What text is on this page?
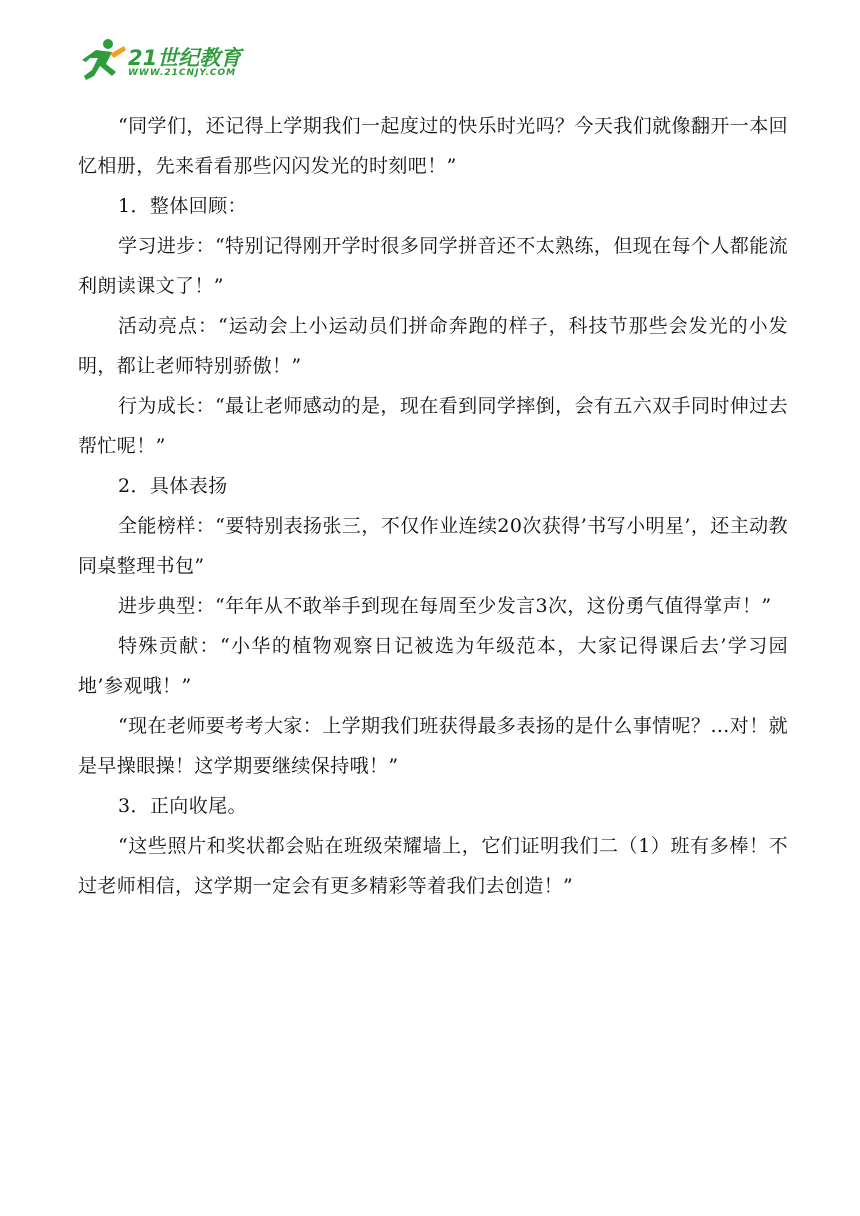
21世纪教育
WWW.21CNJY.COM

“同学们，还记得上学期我们一起度过的快乐时光吗？今天我们就像翻开一本回忆相册，先来看看那些闪闪发光的时刻吧！”

1．整体回顾：

学习进步：“特别记得刚开学时很多同学拼音还不太熟练，但现在每个人都能流利朗读课文了！”

活动亮点：“运动会上小运动员们拼命奔跑的样子，科技节那些会发光的小发明，都让老师特别骄傲！”

行为成长：“最让老师感动的是，现在看到同学摔倒，会有五六双手同时伸过去帮忙呢！”

2．具体表扬

全能榜样：“要特别表扬张三，不仅作业连续20次获得’书写小明星’，还主动教同桌整理书包”

进步典型：“年年从不敢举手到现在每周至少发言3次，这份勇气值得掌声！”

特殊贡献：“小华的植物观察日记被选为年级范本，大家记得课后去’学习园地’参观哦！”

“现在老师要考考大家：上学期我们班获得最多表扬的是什么事情呢？…对！就是早操眼操！这学期要继续保持哦！”

3．正向收尾。

“这些照片和奖状都会贴在班级荣耀墙上，它们证明我们二（1）班有多棒！不过老师相信，这学期一定会有更多精彩等着我们去创造！”
